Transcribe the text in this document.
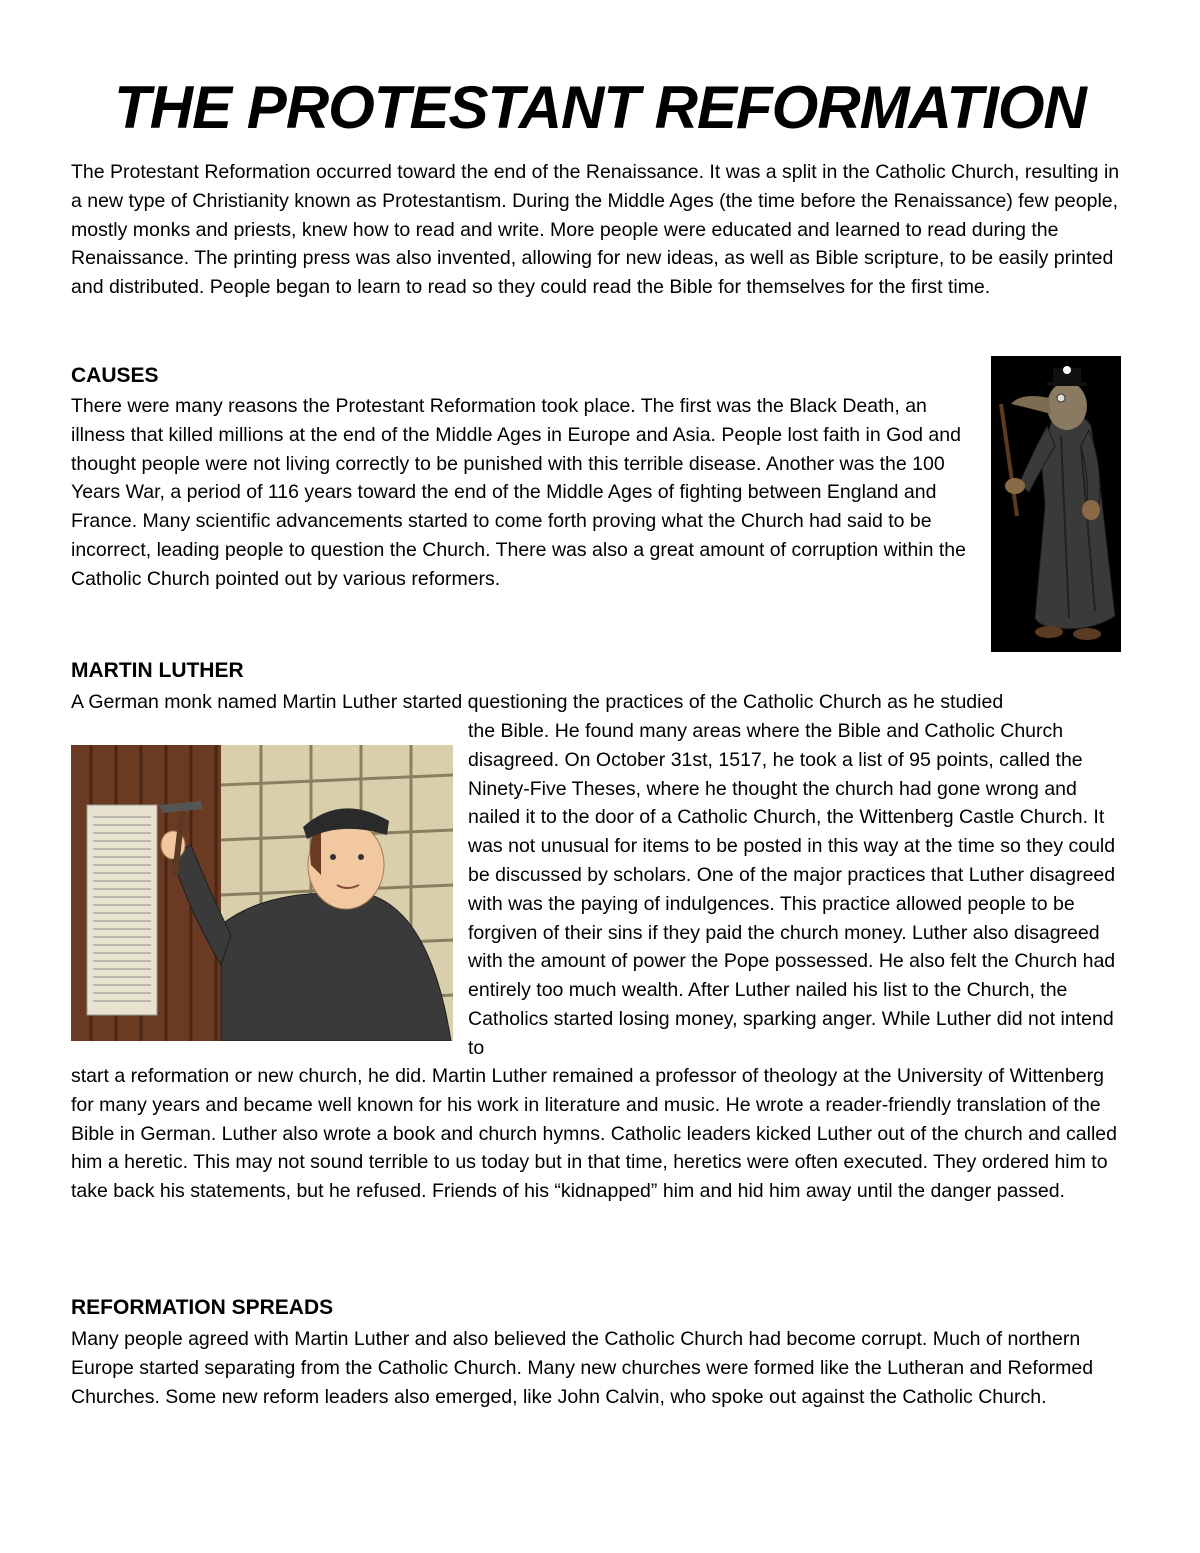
THE PROTESTANT REFORMATION

The Protestant Reformation occurred toward the end of the Renaissance. It was a split in the Catholic Church, resulting in a new type of Christianity known as Protestantism. During the Middle Ages (the time before the Renaissance) few people, mostly monks and priests, knew how to read and write. More people were educated and learned to read during the Renaissance. The printing press was also invented, allowing for new ideas, as well as Bible scripture, to be easily printed and distributed. People began to learn to read so they could read the Bible for themselves for the first time.

CAUSES

There were many reasons the Protestant Reformation took place. The first was the Black Death, an illness that killed millions at the end of the Middle Ages in Europe and Asia. People lost faith in God and thought people were not living correctly to be punished with this terrible disease. Another was the 100 Years War, a period of 116 years toward the end of the Middle Ages of fighting between England and France. Many scientific advancements started to come forth proving what the Church had said to be incorrect, leading people to question the Church. There was also a great amount of corruption within the Catholic Church pointed out by various reformers.

MARTIN LUTHER

A German monk named Martin Luther started questioning the practices of the Catholic Church as he studied

the Bible. He found many areas where the Bible and Catholic Church disagreed. On October 31st, 1517, he took a list of 95 points, called the Ninety-Five Theses, where he thought the church had gone wrong and nailed it to the door of a Catholic Church, the Wittenberg Castle Church. It was not unusual for items to be posted in this way at the time so they could be discussed by scholars. One of the major practices that Luther disagreed with was the paying of indulgences. This practice allowed people to be forgiven of their sins if they paid the church money. Luther also disagreed with the amount of power the Pope possessed. He also felt the Church had entirely too much wealth. After Luther nailed his list to the Church, the Catholics started losing money, sparking anger. While Luther did not intend to

start a reformation or new church, he did. Martin Luther remained a professor of theology at the University of Wittenberg for many years and became well known for his work in literature and music. He wrote a reader-friendly translation of the Bible in German. Luther also wrote a book and church hymns. Catholic leaders kicked Luther out of the church and called him a heretic. This may not sound terrible to us today but in that time, heretics were often executed. They ordered him to take back his statements, but he refused. Friends of his “kidnapped” him and hid him away until the danger passed.

REFORMATION SPREADS

Many people agreed with Martin Luther and also believed the Catholic Church had become corrupt. Much of northern Europe started separating from the Catholic Church. Many new churches were formed like the Lutheran and Reformed Churches. Some new reform leaders also emerged, like John Calvin, who spoke out against the Catholic Church.
